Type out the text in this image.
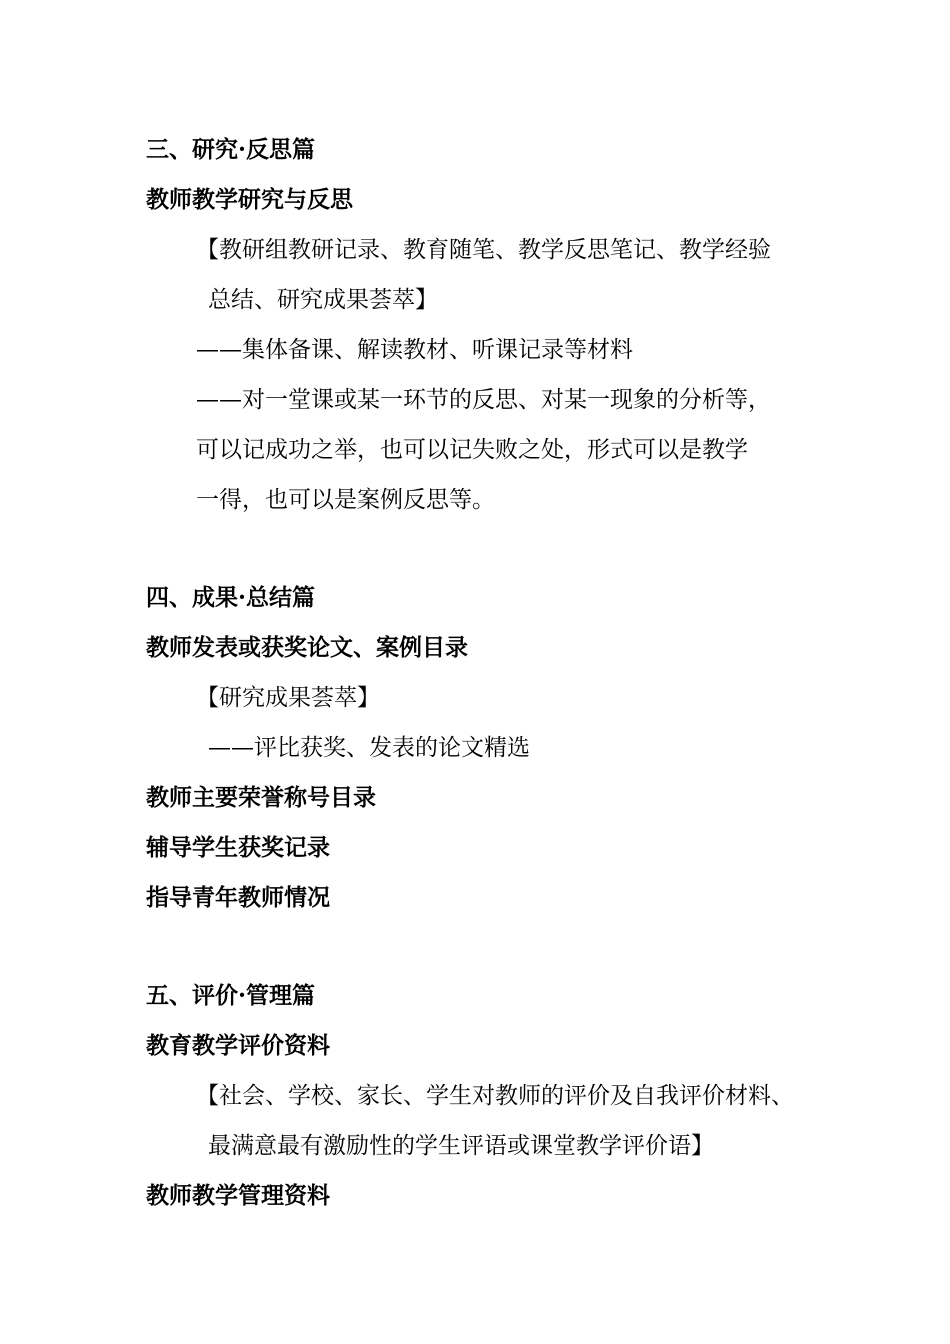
三、研究·反思篇
教师教学研究与反思
【教研组教研记录、教育随笔、教学反思笔记、教学经验
总结、研究成果荟萃】
——集体备课、解读教材、听课记录等材料
——对一堂课或某一环节的反思、对某一现象的分析等，
可以记成功之举，也可以记失败之处，形式可以是教学
一得，也可以是案例反思等。
四、成果·总结篇
教师发表或获奖论文、案例目录
【研究成果荟萃】
——评比获奖、发表的论文精选
教师主要荣誉称号目录
辅导学生获奖记录
指导青年教师情况
五、评价·管理篇
教育教学评价资料
【社会、学校、家长、学生对教师的评价及自我评价材料、
最满意最有激励性的学生评语或课堂教学评价语】
教师教学管理资料
